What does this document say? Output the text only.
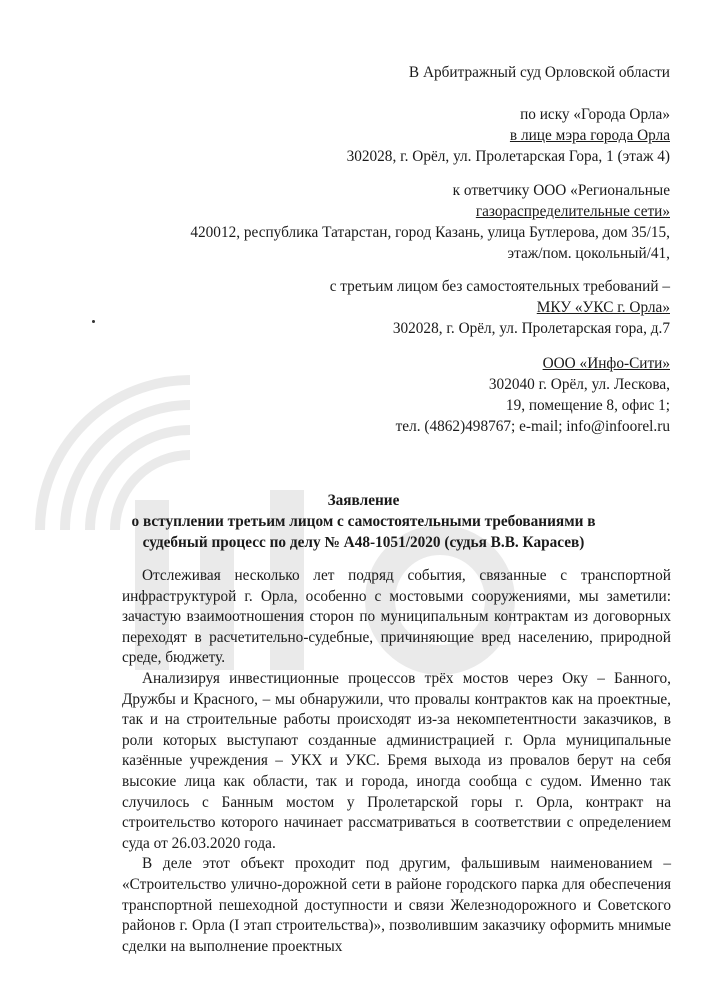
В Арбитражный суд Орловской области
по иску «Города Орла»
в лице мэра города Орла
302028, г. Орёл, ул. Пролетарская Гора, 1 (этаж 4)
к ответчику ООО «Региональные
газораспределительные сети»
420012, республика Татарстан, город Казань, улица Бутлерова, дом 35/15,
этаж/пом. цокольный/41,
с третьим лицом без самостоятельных требований –
МКУ «УКС г. Орла»
302028, г. Орёл, ул. Пролетарская гора, д.7
ООО «Инфо-Сити»
302040 г. Орёл, ул. Лескова,
19, помещение 8, офис 1;
тел. (4862)498767; e-mail; info@infoorel.ru
Заявление
о вступлении третьим лицом с самостоятельными требованиями в
судебный процесс по делу № А48-1051/2020 (судья В.В. Карасев)

Отслеживая несколько лет подряд события, связанные с транспортной инфраструктурой г. Орла, особенно с мостовыми сооружениями, мы заметили: зачастую взаимоотношения сторон по муниципальным контрактам из договорных переходят в расчетительно-судебные, причиняющие вред населению, природной среде, бюджету.

Анализируя инвестиционные процессов трёх мостов через Оку – Банного, Дружбы и Красного, – мы обнаружили, что провалы контрактов как на проектные, так и на строительные работы происходят из-за некомпетентности заказчиков, в роли которых выступают созданные администрацией г. Орла муниципальные казённые учреждения – УКХ и УКС. Бремя выхода из провалов берут на себя высокие лица как области, так и города, иногда сообща с судом. Именно так случилось с Банным мостом у Пролетарской горы г. Орла, контракт на строительство которого начинает рассматриваться в соответствии с определением суда от 26.03.2020 года.

В деле этот объект проходит под другим, фальшивым наименованием – «Строительство улично-дорожной сети в районе городского парка для обеспечения транспортной пешеходной доступности и связи Железнодорожного и Советского районов г. Орла (I этап строительства)», позволившим заказчику оформить мнимые сделки на выполнение проектных
